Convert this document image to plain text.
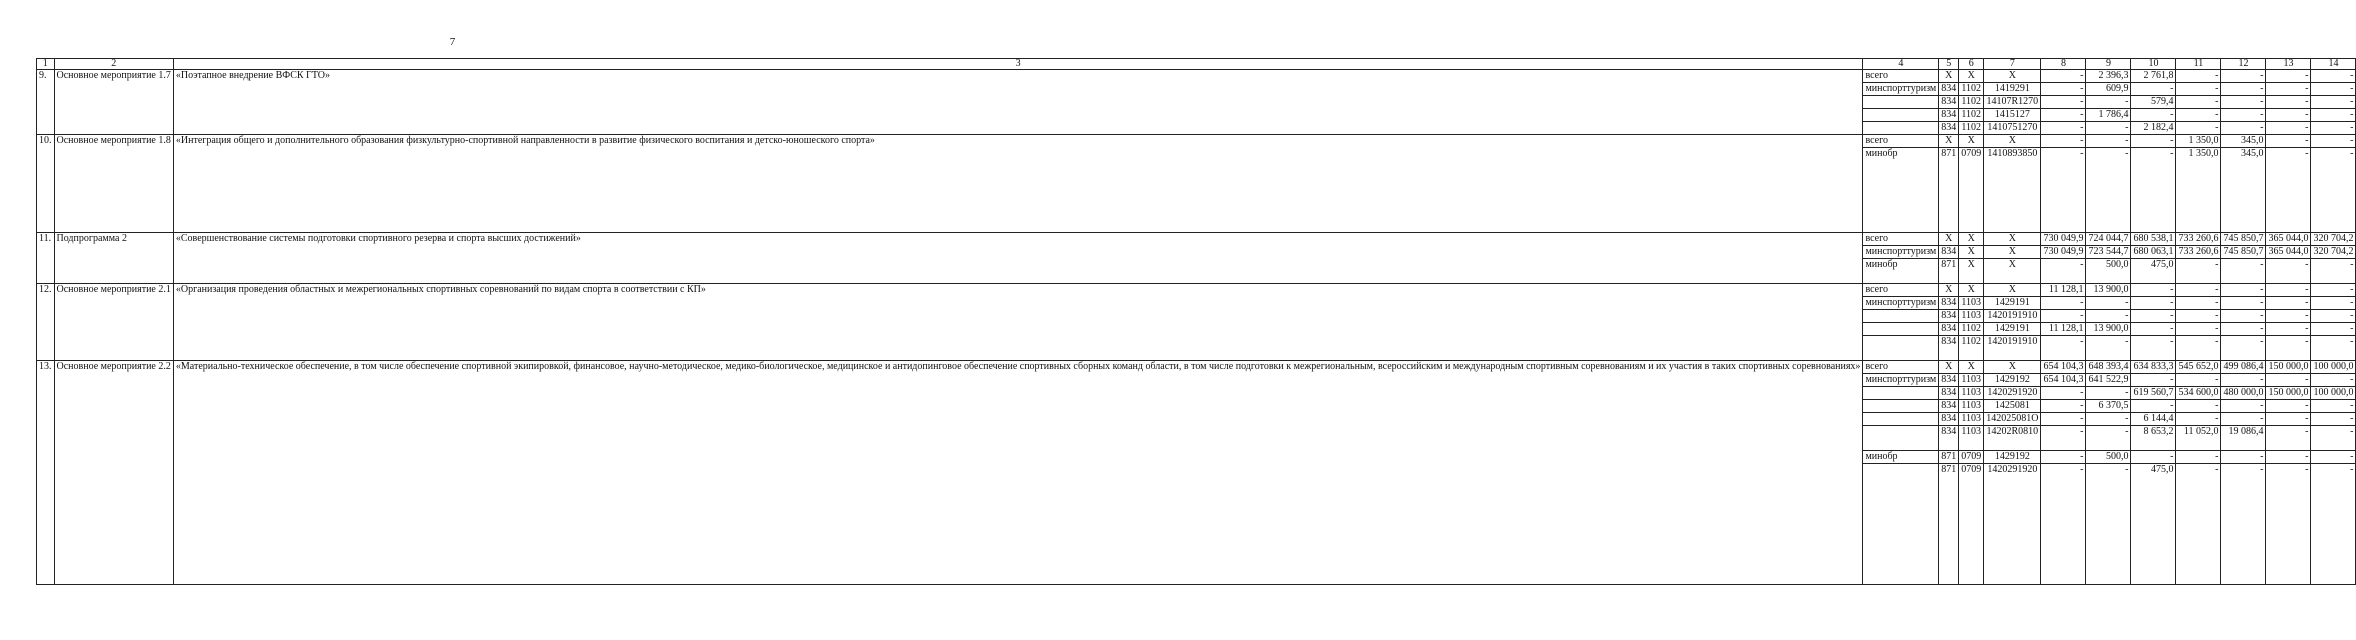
7
1	2	3	4	5	6	7	8	9	10	11	12	13	14
9.	Основное мероприятие 1.7	«Поэтапное внедрение ВФСК ГТО»	всего	Х	Х	Х	-	2 396,3	2 761,8	-	-	-	-
			минспорттуризм	834	1102	1419291	-	609,9	-	-	-	-	-
				834	1102	14107R1270	-	-	579,4	-	-	-	-
				834	1102	1415127	-	1 786,4	-	-	-	-	-
				834	1102	1410751270	-	-	2 182,4	-	-	-	-
10.	Основное мероприятие 1.8	«Интеграция общего и дополнительного образования физкультурно-спортивной направленности в развитие физического воспитания и детско-юношеского спорта»	всего	Х	Х	Х	-	-	-	1 350,0	345,0	-	-
			минобр	871	0709	1410893850	-	-	-	1 350,0	345,0	-	-
11.	Подпрограмма 2	«Совершенствование системы подготовки спортивного резерва и спорта высших достижений»	всего	Х	Х	Х	730 049,9	724 044,7	680 538,1	733 260,6	745 850,7	365 044,0	320 704,2
			минспорттуризм	834	Х	Х	730 049,9	723 544,7	680 063,1	733 260,6	745 850,7	365 044,0	320 704,2
			минобр	871	Х	Х	-	500,0	475,0	-	-	-	-
12.	Основное мероприятие 2.1	«Организация проведения областных и межрегиональных спортивных соревнований по видам спорта в соответствии с КП»	всего	Х	Х	Х	11 128,1	13 900,0	-	-	-	-	-
			минспорттуризм	834	1103	1429191	-	-	-	-	-	-	-
				834	1103	1420191910	-	-	-	-	-	-	-
				834	1102	1429191	11 128,1	13 900,0	-	-	-	-	-
				834	1102	1420191910	-	-	-	-	-	-	-
13.	Основное мероприятие 2.2	«Материально-техническое обеспечение, в том числе обеспечение спортивной экипировкой, финансовое, научно-методическое, медико-биологическое, медицинское и антидопинговое обеспечение спортивных сборных команд области, в том числе подготовки к межрегиональным, всероссийским и международным спортивным соревнованиям и их участия в таких спортивных соревнованиях»	всего	Х	Х	Х	654 104,3	648 393,4	634 833,3	545 652,0	499 086,4	150 000,0	100 000,0
			минспорттуризм	834	1103	1429192	654 104,3	641 522,9	-	-	-	-	-
				834	1103	1420291920	-	-	619 560,7	534 600,0	480 000,0	150 000,0	100 000,0
				834	1103	1425081	-	6 370,5	-	-	-	-	-
				834	1103	142025081О	-	-	6 144,4	-	-	-	-
				834	1103	14202R0810	-	-	8 653,2	11 052,0	19 086,4	-	-
			минобр	871	0709	1429192	-	500,0	-	-	-	-	-
				871	0709	1420291920	-	-	475,0	-	-	-	-
